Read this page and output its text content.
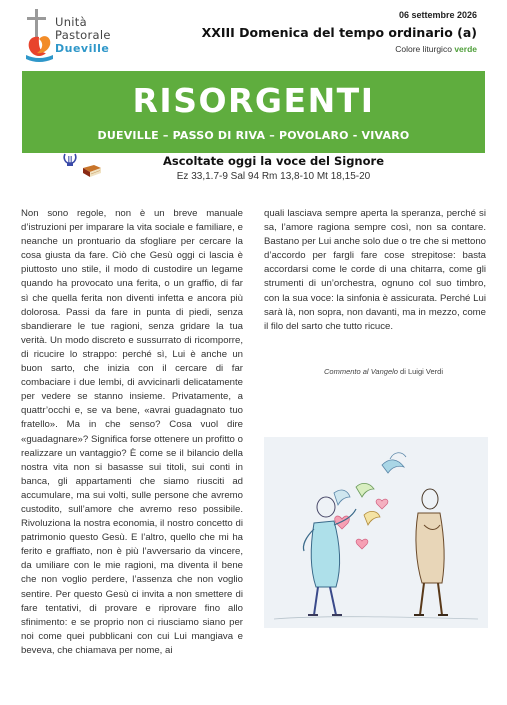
Unità
Pastorale
Dueville
06 settembre 2026
XXIII Domenica del tempo ordinario (a)
Colore liturgico verde
RISORGENTI
DUEVILLE – PASSO DI RIVA – POVOLARO - VIVARO
Ascoltate oggi la voce del Signore
Ez 33,1.7-9 Sal 94 Rm 13,8-10 Mt 18,15-20
Non sono regole, non è un breve manuale d’istruzioni per imparare la vita sociale e familiare, e neanche un prontuario da sfogliare per cercare la cosa giusta da fare. Ciò che Gesù oggi ci lascia è piuttosto uno stile, il modo di custodire un legame quando ha provocato una ferita, o un graffio, di far sì che quella ferita non diventi infetta e ancora più dolorosa. Passi da fare in punta di piedi, senza sbandierare le tue ragioni, senza gridare la tua verità. Un modo discreto e sussurrato di ricomporre, di ricucire lo strappo: perché sì, Lui è anche un buon sarto, che inizia con il cercare di far combaciare i due lembi, di avvicinarli delicatamente per vedere se stanno insieme. Privatamente, a quattr’occhi e, se va bene, «avrai guadagnato tuo fratello». Ma in che senso? Cosa vuol dire «guadagnare»? Significa forse ottenere un profitto o realizzare un vantaggio? È come se il bilancio della nostra vita non si basasse sui titoli, sui conti in banca, gli appartamenti che siamo riusciti ad accumulare, ma sui volti, sulle persone che avremo custodito, sull’amore che avremo reso possibile. Rivoluziona la nostra economia, il nostro concetto di patrimonio questo Gesù. E l’altro, quello che mi ha ferito e graffiato, non è più l’avversario da vincere, da umiliare con le mie ragioni, ma diventa il bene che non voglio perdere, l’assenza che non voglio sentire. Per questo Gesù ci invita a non smettere di fare tentativi, di provare e riprovare fino allo sfinimento: e se proprio non ci riusciamo siano per noi come quei pubblicani con cui Lui mangiava e beveva, che chiamava per nome, ai
quali lasciava sempre aperta la speranza, perché si sa, l’amore ragiona sempre così, non sa contare. Bastano per Lui anche solo due o tre che si mettono d’accordo per fargli fare cose strepitose: basta accordarsi come le corde di una chitarra, come gli strumenti di un’orchestra, ognuno col suo timbro, con la sua voce: la sinfonia è assicurata. Perché Lui sarà là, non sopra, non davanti, ma in mezzo, come il filo del sarto che tutto ricuce.
Commento al Vangelo di Luigi Verdi
